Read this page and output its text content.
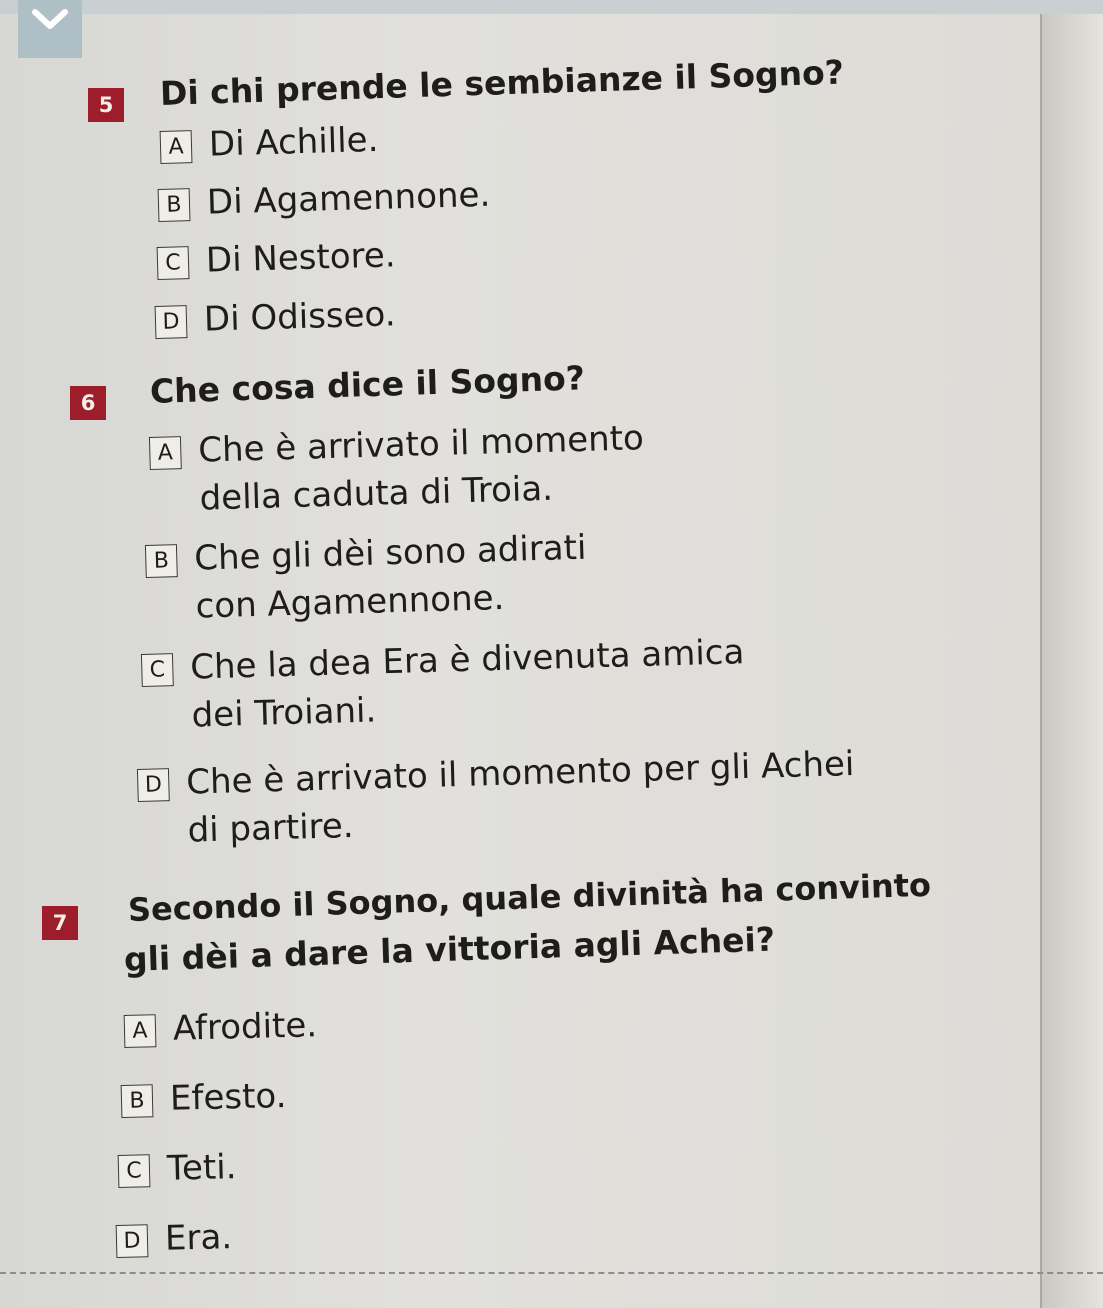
5	Di chi prende le sembianze il Sogno?
A Di Achille.
B Di Agamennone.
C Di Nestore.
D Di Odisseo.
6	Che cosa dice il Sogno?
A Che è arrivato il momento
della caduta di Troia.
B Che gli dèi sono adirati
con Agamennone.
C Che la dea Era è divenuta amica
dei Troiani.
D Che è arrivato il momento per gli Achei
di partire.
7	Secondo il Sogno, quale divinità ha convinto
gli dèi a dare la vittoria agli Achei?
A Afrodite.
B Efesto.
C Teti.
D Era.
